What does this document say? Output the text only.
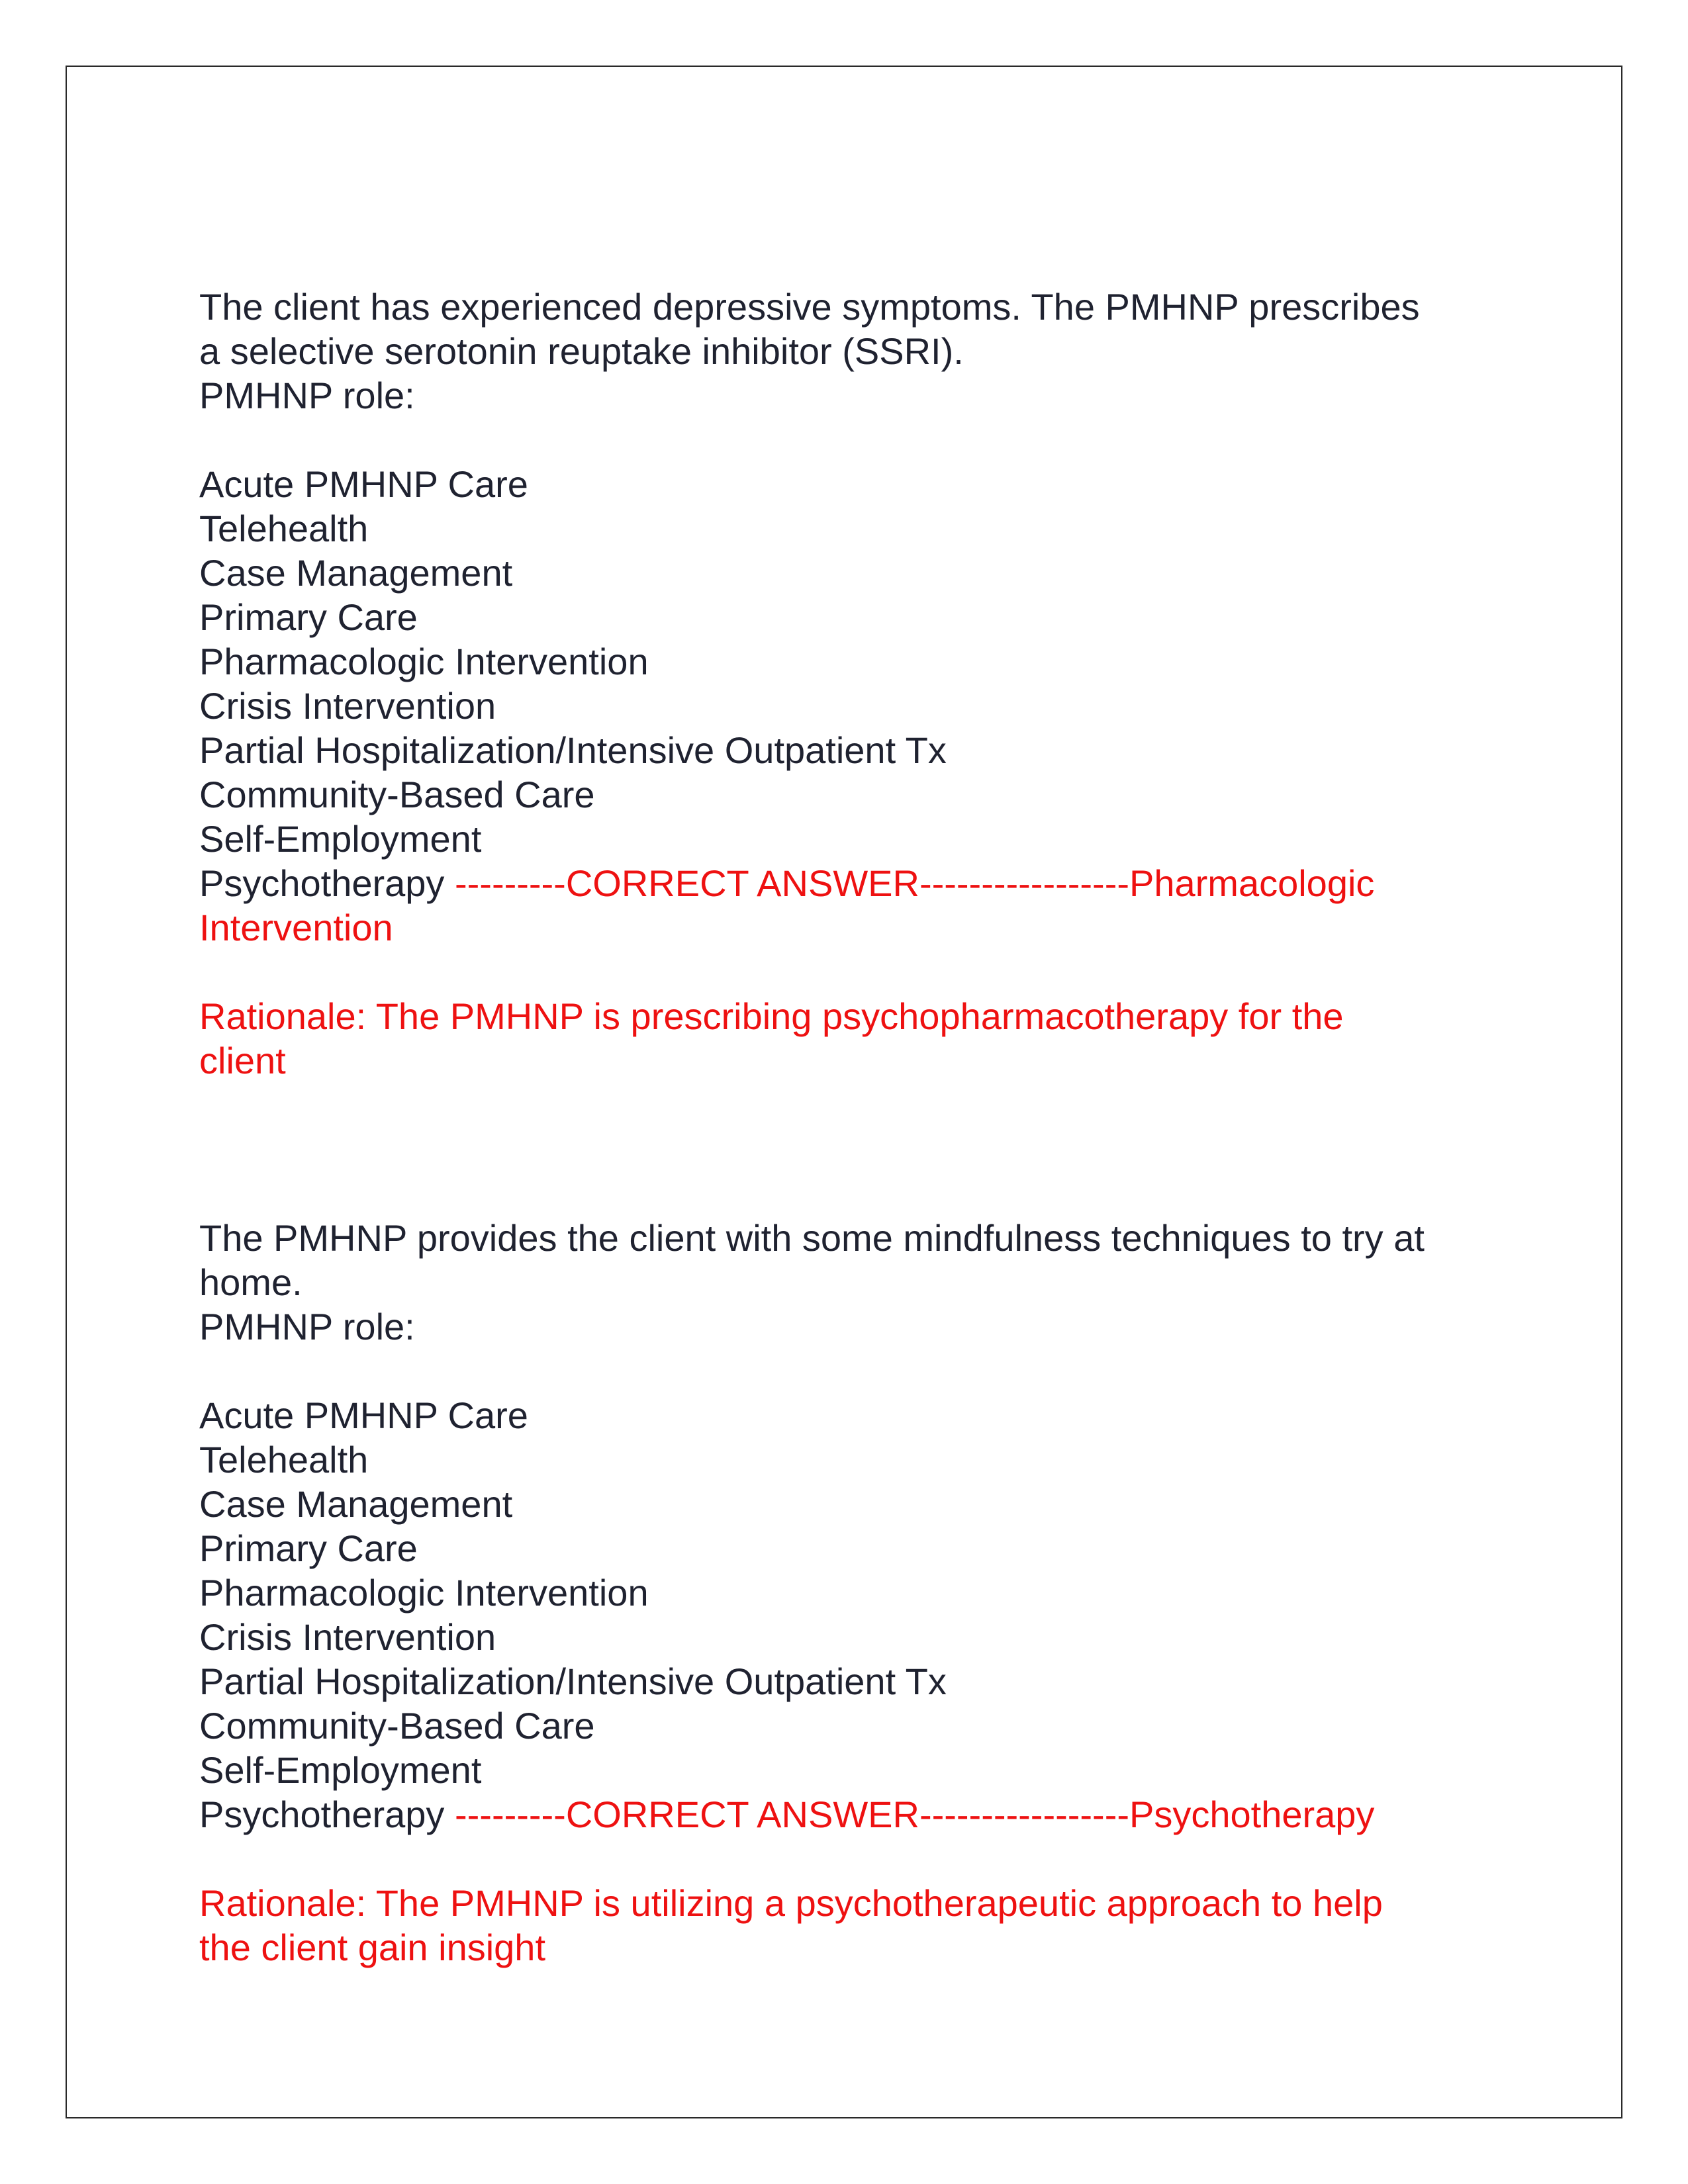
The client has experienced depressive symptoms. The PMHNP prescribes
a selective serotonin reuptake inhibitor (SSRI).
PMHNP role:
Acute PMHNP Care
Telehealth
Case Management
Primary Care
Pharmacologic Intervention
Crisis Intervention
Partial Hospitalization/Intensive Outpatient Tx
Community-Based Care
Self-Employment
Psychotherapy ---------CORRECT ANSWER-----------------Pharmacologic
Intervention
Rationale: The PMHNP is prescribing psychopharmacotherapy for the
client
The PMHNP provides the client with some mindfulness techniques to try at
home.
PMHNP role:
Acute PMHNP Care
Telehealth
Case Management
Primary Care
Pharmacologic Intervention
Crisis Intervention
Partial Hospitalization/Intensive Outpatient Tx
Community-Based Care
Self-Employment
Psychotherapy ---------CORRECT ANSWER-----------------Psychotherapy
Rationale: The PMHNP is utilizing a psychotherapeutic approach to help
the client gain insight
